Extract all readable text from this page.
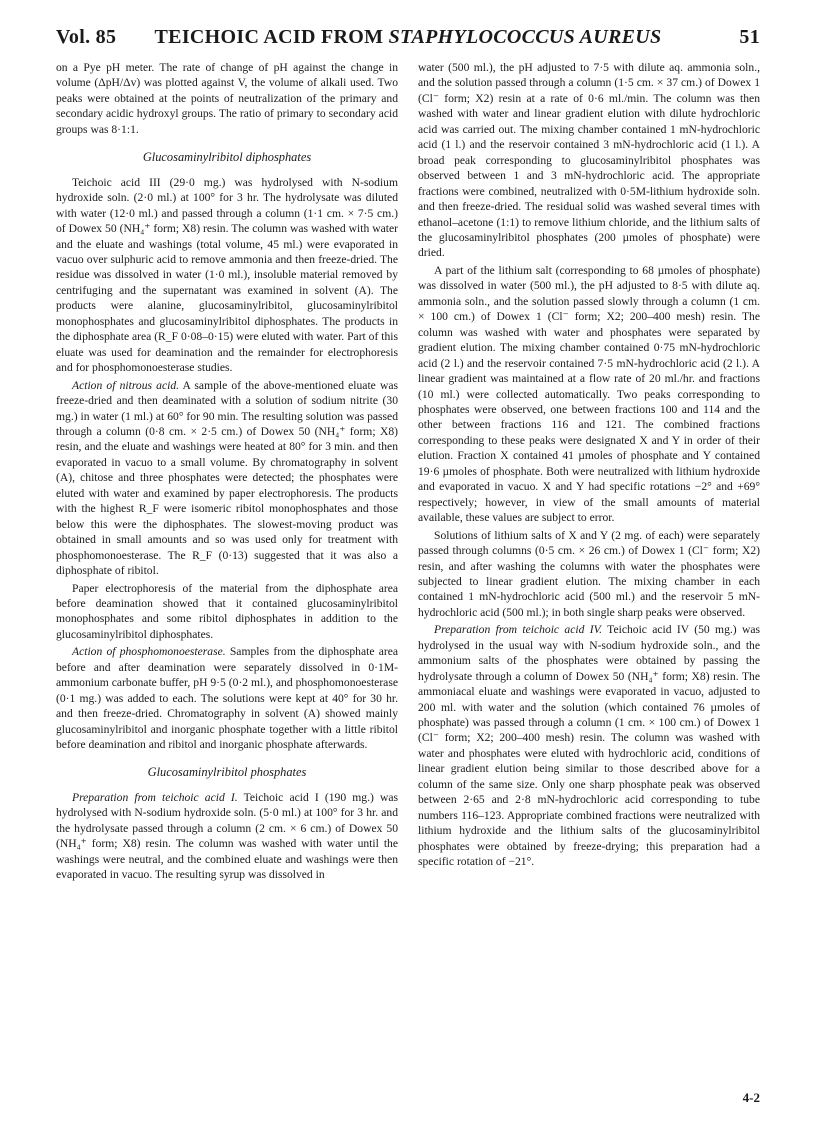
Vol. 85	TEICHOIC ACID FROM STAPHYLOCOCCUS AUREUS	51

on a Pye pH meter. The rate of change of pH against the change in volume (ΔpH/Δv) was plotted against V, the volume of alkali used. Two peaks were obtained at the points of neutralization of the primary and secondary acidic hydroxyl groups. The ratio of primary to secondary acid groups was 8·1:1.

Glucosaminylribitol diphosphates

Teichoic acid III (29·0 mg.) was hydrolysed with N-sodium hydroxide soln. (2·0 ml.) at 100° for 3 hr. The hydrolysate was diluted with water (12·0 ml.) and passed through a column (1·1 cm. × 7·5 cm.) of Dowex 50 (NH₄⁺ form; X8) resin. The column was washed with water and the eluate and washings (total volume, 45 ml.) were evaporated in vacuo over sulphuric acid to remove ammonia and then freeze-dried. The residue was dissolved in water (1·0 ml.), insoluble material removed by centrifuging and the supernatant was examined in solvent (A). The products were alanine, glucosaminylribitol, glucosaminylribitol monophosphates and glucosaminylribitol diphosphates. The products in the diphosphate area (R_F 0·08–0·15) were eluted with water. Part of this eluate was used for deamination and the remainder for electrophoresis and for phosphomonoesterase studies.

Action of nitrous acid. A sample of the above-mentioned eluate was freeze-dried and then deaminated with a solution of sodium nitrite (30 mg.) in water (1 ml.) at 60° for 90 min. The resulting solution was passed through a column (0·8 cm. × 2·5 cm.) of Dowex 50 (NH₄⁺ form; X8) resin, and the eluate and washings were heated at 80° for 3 min. and then evaporated in vacuo to a small volume. By chromatography in solvent (A), chitose and three phosphates were detected; the phosphates were eluted with water and examined by paper electrophoresis. The products with the highest R_F were isomeric ribitol monophosphates and those below this were the diphosphates. The slowest-moving product was obtained in small amounts and so was used only for treatment with phosphomonoesterase. The R_F (0·13) suggested that it was also a diphosphate of ribitol.

Paper electrophoresis of the material from the diphosphate area before deamination showed that it contained glucosaminylribitol monophosphates and some ribitol diphosphates in addition to the glucosaminylribitol diphosphates.

Action of phosphomonoesterase. Samples from the diphosphate area before and after deamination were separately dissolved in 0·1M-ammonium carbonate buffer, pH 9·5 (0·2 ml.), and phosphomonoesterase (0·1 mg.) was added to each. The solutions were kept at 40° for 30 hr. and then freeze-dried. Chromatography in solvent (A) showed mainly glucosaminylribitol and inorganic phosphate together with a little ribitol before deamination and ribitol and inorganic phosphate afterwards.

Glucosaminylribitol phosphates

Preparation from teichoic acid I. Teichoic acid I (190 mg.) was hydrolysed with N-sodium hydroxide soln. (5·0 ml.) at 100° for 3 hr. and the hydrolysate passed through a column (2 cm. × 6 cm.) of Dowex 50 (NH₄⁺ form; X8) resin. The column was washed with water until the washings were neutral, and the combined eluate and washings were then evaporated in vacuo. The resulting syrup was dissolved in

water (500 ml.), the pH adjusted to 7·5 with dilute aq. ammonia soln., and the solution passed through a column (1·5 cm. × 37 cm.) of Dowex 1 (Cl⁻ form; X2) resin at a rate of 0·6 ml./min. The column was then washed with water and linear gradient elution with dilute hydrochloric acid was carried out. The mixing chamber contained 1 mN-hydrochloric acid (1 l.) and the reservoir contained 3 mN-hydrochloric acid (1 l.). A broad peak corresponding to glucosaminylribitol phosphates was observed between 1 and 3 mN-hydrochloric acid. The appropriate fractions were combined, neutralized with 0·5M-lithium hydroxide soln. and then freeze-dried. The residual solid was washed several times with ethanol–acetone (1:1) to remove lithium chloride, and the lithium salts of the glucosaminylribitol phosphates (200 µmoles of phosphate) were dried.

A part of the lithium salt (corresponding to 68 µmoles of phosphate) was dissolved in water (500 ml.), the pH adjusted to 8·5 with dilute aq. ammonia soln., and the solution passed slowly through a column (1 cm. × 100 cm.) of Dowex 1 (Cl⁻ form; X2; 200–400 mesh) resin. The column was washed with water and phosphates were separated by gradient elution. The mixing chamber contained 0·75 mN-hydrochloric acid (2 l.) and the reservoir contained 7·5 mN-hydrochloric acid (2 l.). A linear gradient was maintained at a flow rate of 20 ml./hr. and fractions (10 ml.) were collected automatically. Two peaks corresponding to phosphates were observed, one between fractions 100 and 114 and the other between fractions 116 and 121. The combined fractions corresponding to these peaks were designated X and Y in order of their elution. Fraction X contained 41 µmoles of phosphate and Y contained 19·6 µmoles of phosphate. Both were neutralized with lithium hydroxide and evaporated in vacuo. X and Y had specific rotations −2° and +69° respectively; however, in view of the small amounts of material available, these values are subject to error.

Solutions of lithium salts of X and Y (2 mg. of each) were separately passed through columns (0·5 cm. × 26 cm.) of Dowex 1 (Cl⁻ form; X2) resin, and after washing the columns with water the phosphates were subjected to linear gradient elution. The mixing chamber in each contained 1 mN-hydrochloric acid (500 ml.) and the reservoir 5 mN-hydrochloric acid (500 ml.); in both single sharp peaks were observed.

Preparation from teichoic acid IV. Teichoic acid IV (50 mg.) was hydrolysed in the usual way with N-sodium hydroxide soln., and the ammonium salts of the phosphates were obtained by passing the hydrolysate through a column of Dowex 50 (NH₄⁺ form; X8) resin. The ammoniacal eluate and washings were evaporated in vacuo, adjusted to 200 ml. with water and the solution (which contained 76 µmoles of phosphate) was passed through a column (1 cm. × 100 cm.) of Dowex 1 (Cl⁻ form; X2; 200–400 mesh) resin. The column was washed with water and phosphates were eluted with hydrochloric acid, conditions of linear gradient elution being similar to those described above for a column of the same size. Only one sharp phosphate peak was observed between 2·65 and 2·8 mN-hydrochloric acid corresponding to tube numbers 116–123. Appropriate combined fractions were neutralized with lithium hydroxide and the lithium salts of the glucosaminylribitol phosphates were obtained by freeze-drying; this preparation had a specific rotation of −21°.

4-2
